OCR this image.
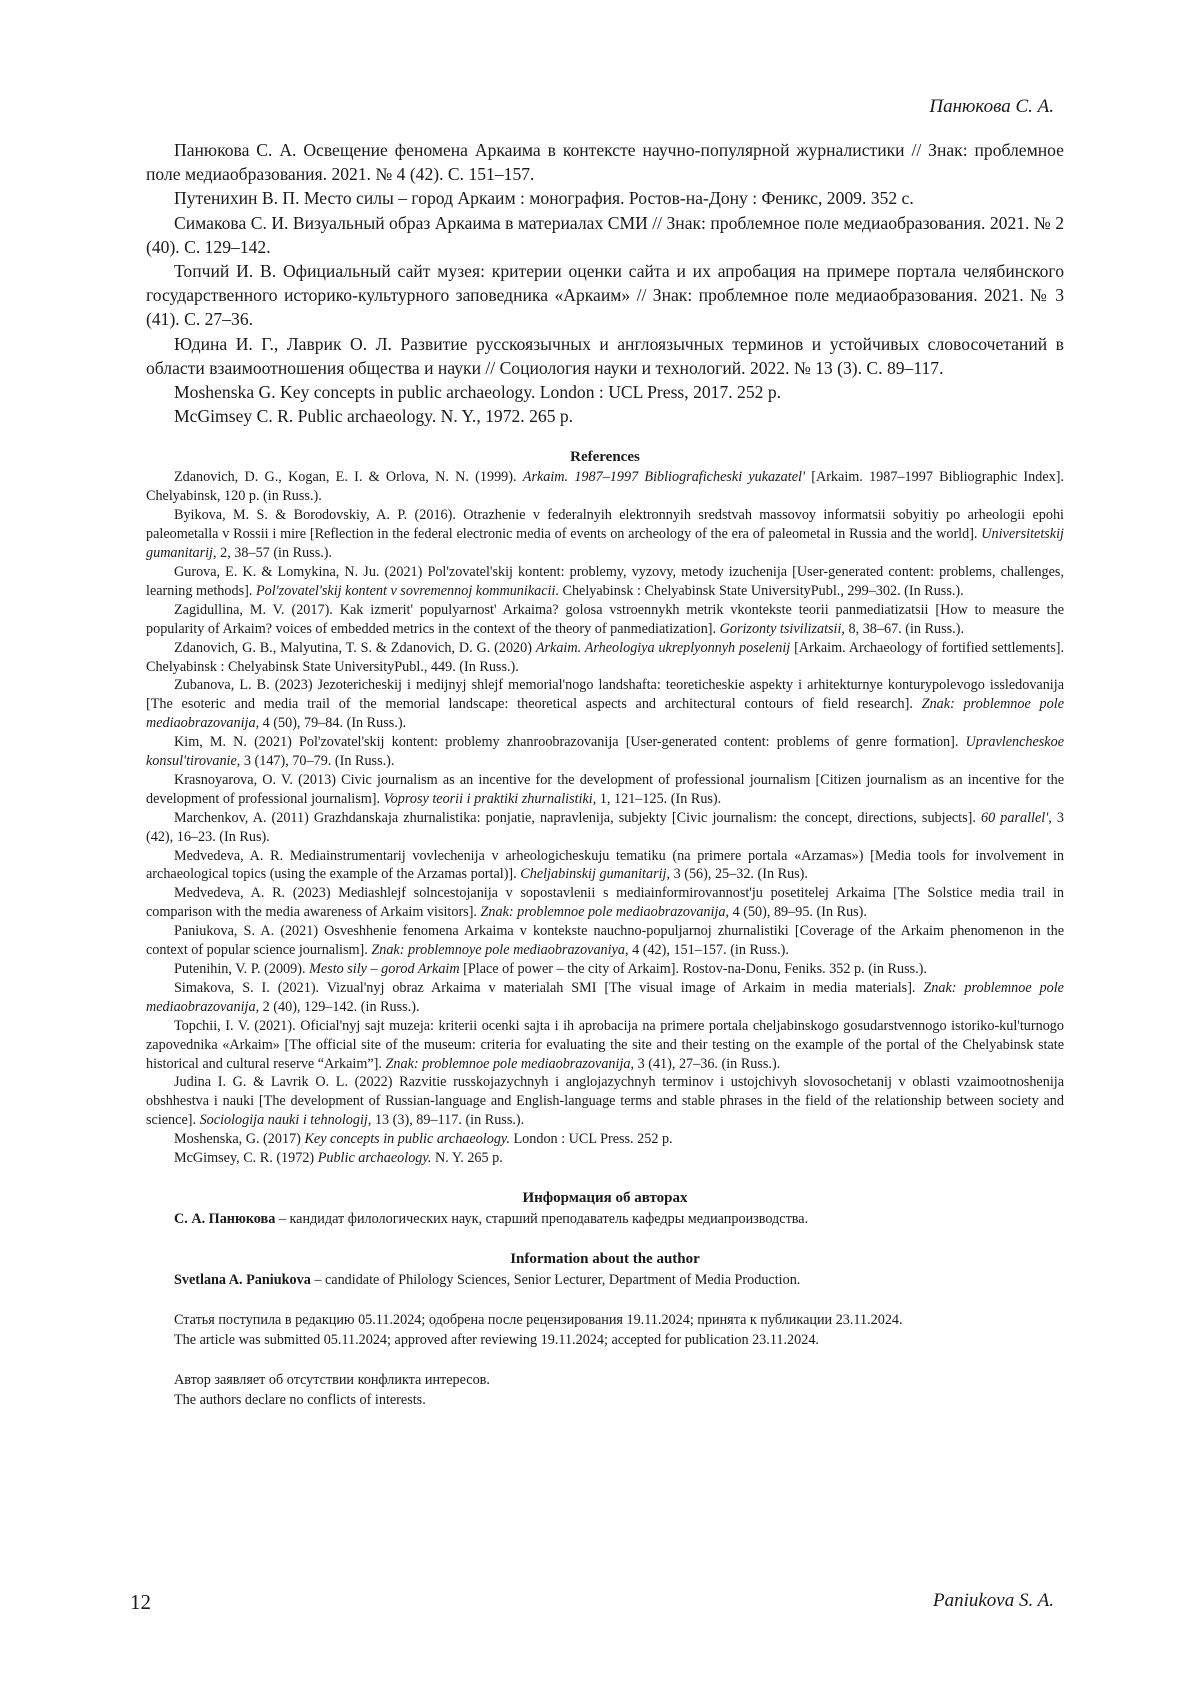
Панюкова С. А.

Панюкова С. А. Освещение феномена Аркаима в контексте научно-популярной журналистики // Знак: проблемное поле медиаобразования. 2021. № 4 (42). С. 151–157.

Путенихин В. П. Место силы – город Аркаим : монография. Ростов-на-Дону : Феникс, 2009. 352 с.

Симакова С. И. Визуальный образ Аркаима в материалах СМИ // Знак: проблемное поле медиаобразования. 2021. № 2 (40). С. 129–142.

Топчий И. В. Официальный сайт музея: критерии оценки сайта и их апробация на примере портала челябинского государственного историко-культурного заповедника «Аркаим» // Знак: проблемное поле медиаобразования. 2021. № 3 (41). С. 27–36.

Юдина И. Г., Лаврик О. Л. Развитие русскоязычных и англоязычных терминов и устойчивых словосочетаний в области взаимоотношения общества и науки // Социология науки и технологий. 2022. № 13 (3). С. 89–117.

Moshenska G. Key concepts in public archaeology. London : UCL Press, 2017. 252 p.

McGimsey C. R. Public archaeology. N. Y., 1972. 265 p.

References

Zdanovich, D. G., Kogan, E. I. & Orlova, N. N. (1999). Arkaim. 1987–1997 Bibliograficheski yukazatel' [Arkaim. 1987–1997 Bibliographic Index]. Chelyabinsk, 120 p. (in Russ.).

Byikova, M. S. & Borodovskiy, A. P. (2016). Otrazhenie v federalnyih elektronnyih sredstvah massovoy informatsii sobyitiy po arheologii epohi paleometalla v Rossii i mire [Reflection in the federal electronic media of events on archeology of the era of paleometal in Russia and the world]. Universitetskij gumanitarij, 2, 38–57 (in Russ.).

Gurova, E. K. & Lomykina, N. Ju. (2021) Pol'zovatel'skij kontent: problemy, vyzovy, metody izuchenija [User-generated content: problems, challenges, learning methods]. Pol'zovatel'skij kontent v sovremennoj kommunikacii. Chelyabinsk : Chelyabinsk State UniversityPubl., 299–302. (In Russ.).

Zagidullina, M. V. (2017). Kak izmerit' populyarnost' Arkaima? golosa vstroennykh metrik vkontekste teorii panmediatizatsii [How to measure the popularity of Arkaim? voices of embedded metrics in the context of the theory of panmediatization]. Gorizonty tsivilizatsii, 8, 38–67. (in Russ.).

Zdanovich, G. B., Malyutina, T. S. & Zdanovich, D. G. (2020) Arkaim. Arheologiya ukreplyonnyh poselenij [Arkaim. Archaeology of fortified settlements]. Chelyabinsk : Chelyabinsk State UniversityPubl., 449. (In Russ.).

Zubanova, L. B. (2023) Jezotericheskij i medijnyj shlejf memorial'nogo landshafta: teoreticheskie aspekty i arhitekturnye konturypolevogo issledovanija [The esoteric and media trail of the memorial landscape: theoretical aspects and architectural contours of field research]. Znak: problemnoe pole mediaobrazovanija, 4 (50), 79–84. (In Russ.).

Kim, M. N. (2021) Pol'zovatel'skij kontent: problemy zhanroobrazovanija [User-generated content: problems of genre formation]. Upravlencheskoe konsul'tirovanie, 3 (147), 70–79. (In Russ.).

Krasnoyarova, O. V. (2013) Civic journalism as an incentive for the development of professional journalism [Citizen journalism as an incentive for the development of professional journalism]. Voprosy teorii i praktiki zhurnalistiki, 1, 121–125. (In Rus).

Marchenkov, A. (2011) Grazhdanskaja zhurnalistika: ponjatie, napravlenija, subjekty [Civic journalism: the concept, directions, subjects]. 60 parallel', 3 (42), 16–23. (In Rus).

Medvedeva, A. R. Mediainstrumentarij vovlechenija v arheologicheskuju tematiku (na primere portala «Arzamas») [Media tools for involvement in archaeological topics (using the example of the Arzamas portal)]. Cheljabinskij gumanitarij, 3 (56), 25–32. (In Rus).

Medvedeva, A. R. (2023) Mediashlejf solncestojanija v sopostavlenii s mediainformirovannost'ju posetitelej Arkaima [The Solstice media trail in comparison with the media awareness of Arkaim visitors]. Znak: problemnoe pole mediaobrazovanija, 4 (50), 89–95. (In Rus).

Paniukova, S. A. (2021) Osveshhenie fenomena Arkaima v kontekste nauchno-populjarnoj zhurnalistiki [Coverage of the Arkaim phenomenon in the context of popular science journalism]. Znak: problemnoye pole mediaobrazovaniya, 4 (42), 151–157. (in Russ.).

Putenihin, V. P. (2009). Mesto sily – gorod Arkaim [Place of power – the city of Arkaim]. Rostov-na-Donu, Feniks. 352 p. (in Russ.).

Simakova, S. I. (2021). Vizual'nyj obraz Arkaima v materialah SMI [The visual image of Arkaim in media materials]. Znak: problemnoe pole mediaobrazovanija, 2 (40), 129–142. (in Russ.).

Topchii, I. V. (2021). Oficial'nyj sajt muzeja: kriterii ocenki sajta i ih aprobacija na primere portala cheljabinskogo gosudarstvennogo istoriko-kul'turnogo zapovednika «Arkaim» [The official site of the museum: criteria for evaluating the site and their testing on the example of the portal of the Chelyabinsk state historical and cultural reserve “Arkaim”]. Znak: problemnoe pole mediaobrazovanija, 3 (41), 27–36. (in Russ.).

Judina I. G. & Lavrik O. L. (2022) Razvitie russkojazychnyh i anglojazychnyh terminov i ustojchivyh slovosochetanij v oblasti vzaimootnoshenija obshhestva i nauki [The development of Russian-language and English-language terms and stable phrases in the field of the relationship between society and science]. Sociologija nauki i tehnologij, 13 (3), 89–117. (in Russ.).

Moshenska, G. (2017) Key concepts in public archaeology. London : UCL Press. 252 p.

McGimsey, C. R. (1972) Public archaeology. N. Y. 265 p.

Информация об авторах

С. А. Панюкова – кандидат филологических наук, старший преподаватель кафедры медиапроизводства.

Information about the author

Svetlana A. Paniukova – candidate of Philology Sciences, Senior Lecturer, Department of Media Production.

Статья поступила в редакцию 05.11.2024; одобрена после рецензирования 19.11.2024; принята к публикации 23.11.2024.

The article was submitted 05.11.2024; approved after reviewing 19.11.2024; accepted for publication 23.11.2024.

Автор заявляет об отсутствии конфликта интересов.

The authors declare no conflicts of interests.

12	Paniukova S. A.
